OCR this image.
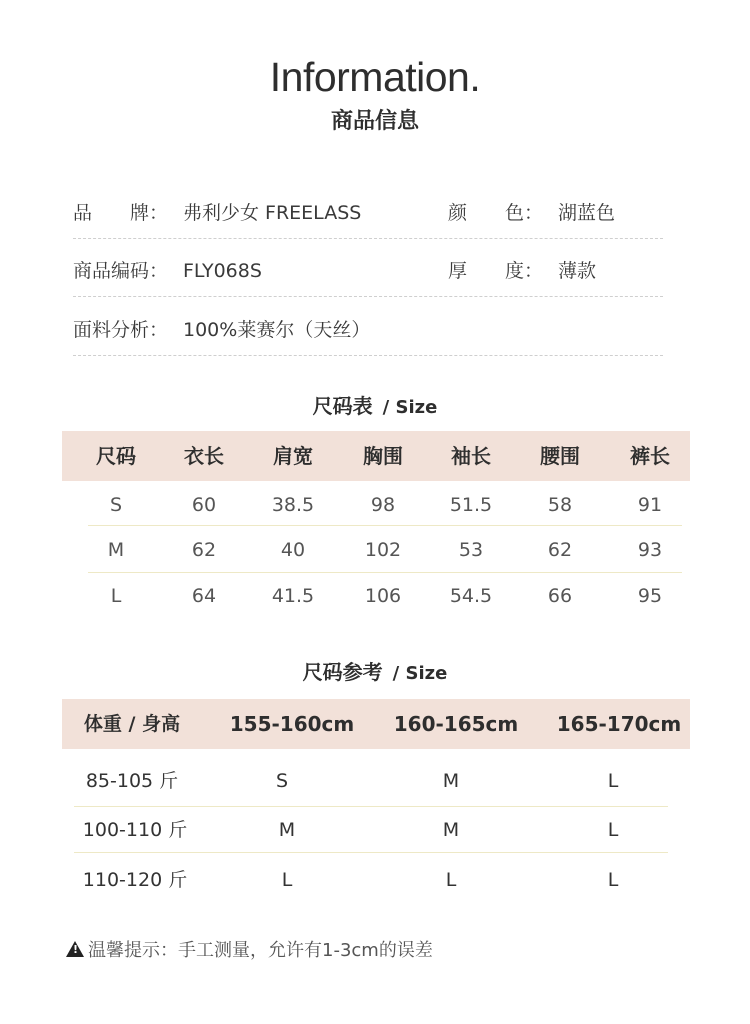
Information.
商品信息
品　　牌： 弗利少女 FREELASS	颜　　色： 湖蓝色
商品编码： FLY068S	厚　　度： 薄款
面料分析： 100%莱赛尔（天丝）
尺码表 / Size
尺码	衣长	肩宽	胸围	袖长	腰围	裤长
S	60	38.5	98	51.5	58	91
M	62	40	102	53	62	93
L	64	41.5	106	54.5	66	95
尺码参考 / Size
体重 / 身高	155-160cm	160-165cm	165-170cm
85-105 斤	S	M	L
100-110 斤	M	M	L
110-120 斤	L	L	L
! 温馨提示：手工测量，允许有1-3cm的误差
